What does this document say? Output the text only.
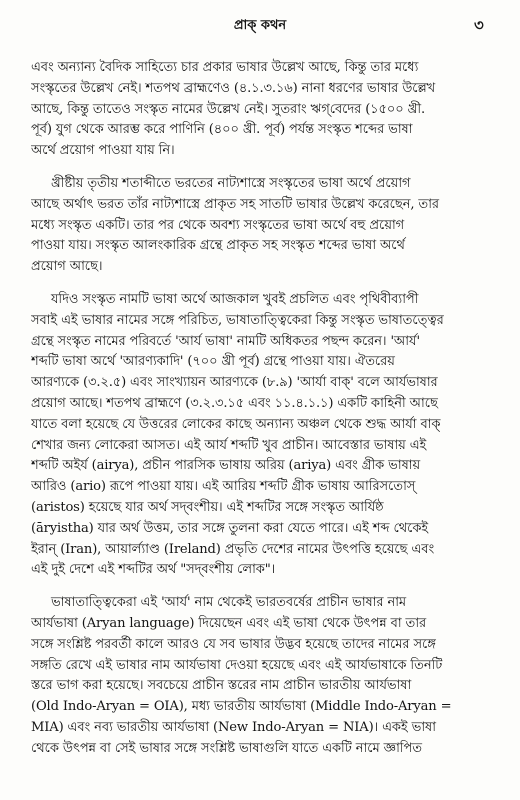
প্রাক্ কথন	৩

এবং অন্যান্য বৈদিক সাহিত্যে চার প্রকার ভাষার উল্লেখ আছে, কিন্তু তার মধ্যে
সংস্কৃতের উল্লেখ নেই। শতপথ ব্রাহ্মণেও (৪.১.৩.১৬) নানা ধরণের ভাষার উল্লেখ
আছে, কিন্তু তাতেও সংস্কৃত নামের উল্লেখ নেই। সুতরাং ঋগ্‌বেদের (১৫০০ খ্রী.
পূর্ব) যুগ থেকে আরম্ভ করে পাণিনি (৪০০ খ্রী. পূর্ব) পর্যন্ত সংস্কৃত শব্দের ভাষা
অর্থে প্রয়োগ পাওয়া যায় নি।

খ্রীষ্টীয় তৃতীয় শতাব্দীতে ভরতের নাট্যশাস্ত্রে সংস্কৃতের ভাষা অর্থে প্রয়োগ
আছে অর্থাৎ ভরত তাঁর নাট্যশাস্ত্রে প্রাকৃত সহ সাতটি ভাষার উল্লেখ করেছেন, তার
মধ্যে সংস্কৃত একটি। তার পর থেকে অবশ্য সংস্কৃতের ভাষা অর্থে বহু প্রয়োগ
পাওয়া যায়। সংস্কৃত আলংকারিক গ্রন্থে প্রাকৃত সহ সংস্কৃত শব্দের ভাষা অর্থে
প্রয়োগ আছে।

যদিও সংস্কৃত নামটি ভাষা অর্থে আজকাল খুবই প্রচলিত এবং পৃথিবীব্যাপী
সবাই এই ভাষার নামের সঙ্গে পরিচিত, ভাষাতাত্ত্বিকেরা কিন্তু সংস্কৃত ভাষাতত্ত্বের
গ্রন্থে সংস্কৃত নামের পরিবর্তে 'আর্য ভাষা' নামটি অধিকতর পছন্দ করেন। 'আর্য'
শব্দটি ভাষা অর্থে 'আরণ্যকাদি' (৭০০ খ্রী পূর্ব) গ্রন্থে পাওয়া যায়। ঐতরেয়
আরণ্যকে (৩.২.৫) এবং সাংখ্যায়ন আরণ্যকে (৮.৯) 'আর্যা বাক্' বলে আর্যভাষার
প্রয়োগ আছে। শতপথ ব্রাহ্মণে (৩.২.৩.১৫ এবং ১১.৪.১.১) একটি কাহিনী আছে
যাতে বলা হয়েছে যে উত্তরের লোকের কাছে অন্যান্য অঞ্চল থেকে শুদ্ধ আর্যা বাক্
শেখার জন্য লোকেরা আসত। এই আর্য শব্দটি খুব প্রাচীন। আবেস্তার ভাষায় এই
শব্দটি অইর্য (airya), প্রচীন পারসিক ভাষায় অরিয় (ariya) এবং গ্রীক ভাষায়
আরিও (ario) রূপে পাওয়া যায়। এই আরিয় শব্দটি গ্রীক ভাষায় আরিসতোস্
(aristos) হয়েছে যার অর্থ সদ্‌বংশীয়। এই শব্দটির সঙ্গে সংস্কৃত আর্যিষ্ঠ
(āryistha) যার অর্থ উত্তম, তার সঙ্গে তুলনা করা যেতে পারে। এই শব্দ থেকেই
ইরান্ (Iran), আয়ার্ল্যাণ্ড (Ireland) প্রভৃতি দেশের নামের উৎপত্তি হয়েছে এবং
এই দুই দেশে এই শব্দটির অর্থ "সদ্‌বংশীয় লোক"।

ভাষাতাত্ত্বিকেরা এই 'আর্য' নাম থেকেই ভারতবর্ষের প্রাচীন ভাষার নাম
আর্যভাষা (Aryan language) দিয়েছেন এবং এই ভাষা থেকে উৎপন্ন বা তার
সঙ্গে সংশ্লিষ্ট পরবর্তী কালে আরও যে সব ভাষার উদ্ভব হয়েছে তাদের নামের সঙ্গে
সঙ্গতি রেখে এই ভাষার নাম আর্যভাষা দেওয়া হয়েছে এবং এই আর্যভাষাকে তিনটি
স্তরে ভাগ করা হয়েছে। সবচেয়ে প্রাচীন স্তরের নাম প্রাচীন ভারতীয় আর্যভাষা
(Old Indo-Aryan = OIA), মধ্য ভারতীয় আর্যভাষা (Middle Indo-Aryan =
MIA) এবং নব্য ভারতীয় আর্যভাষা (New Indo-Aryan = NIA)। একই ভাষা
থেকে উৎপন্ন বা সেই ভাষার সঙ্গে সংশ্লিষ্ট ভাষাগুলি যাতে একটি নামে জ্ঞাপিত
